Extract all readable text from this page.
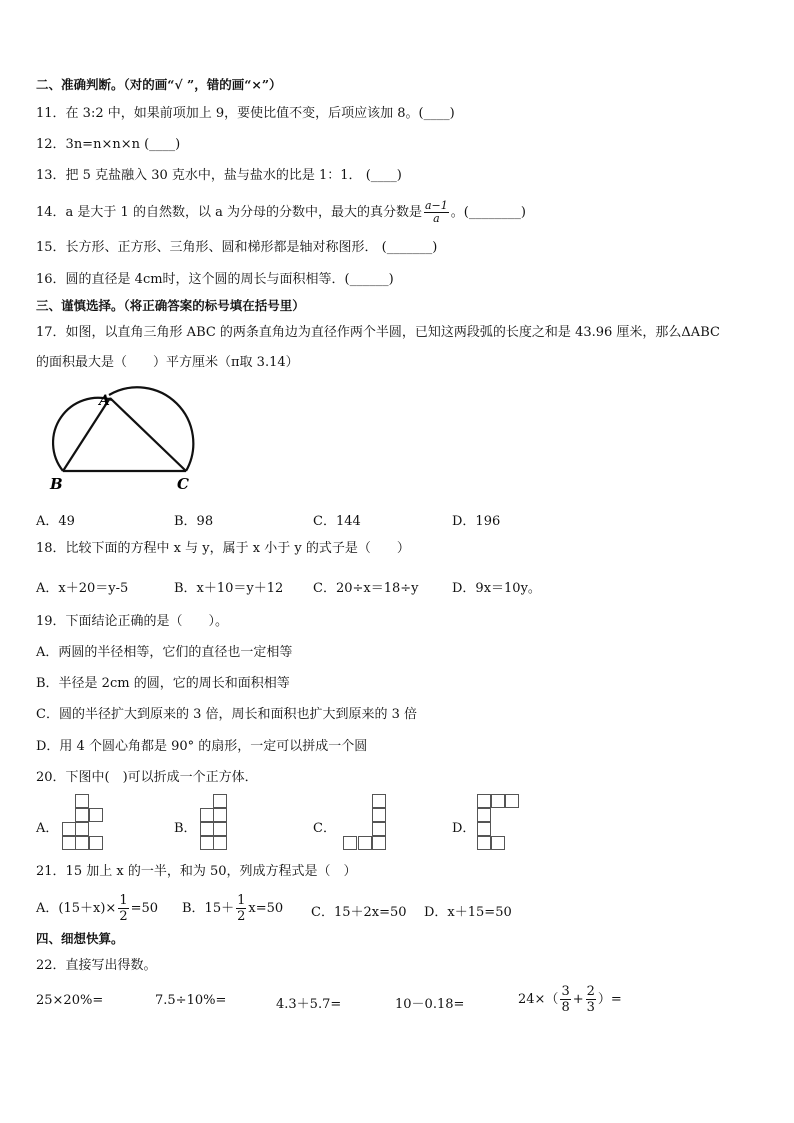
二、准确判断。（对的画“√ ”，错的画“×”）
11．在 3:2 中，如果前项加上 9，要使比值不变，后项应该加 8。(____)
12．3n=n×n×n (____)
13．把 5 克盐融入 30 克水中，盐与盐水的比是 1：1． (____)
14．a 是大于 1 的自然数，以 a 为分母的分数中，最大的真分数是 $\frac{a-1}{a}$ 。(________)
15．长方形、正方形、三角形、圆和梯形都是轴对称图形． (_______)
16．圆的直径是 4cm时，这个圆的周长与面积相等．(______)
三、谨慎选择。（将正确答案的标号填在括号里）
17．如图，以直角三角形 ABC 的两条直角边为直径作两个半圆，已知这两段弧的长度之和是 43.96 厘米，那么ΔABC
的面积最大是（　　）平方厘米（π取 3.14）
A
B	C
A．49	B．98	C．144	D．196
18．比较下面的方程中 x 与 y，属于 x 小于 y 的式子是（　　）
A．x＋20＝y-5	B．x＋10＝y＋12 C．20÷x＝18÷y	D．9x＝10y。
19．下面结论正确的是（　　）。
A．两圆的半径相等，它们的直径也一定相等
B．半径是 2cm 的圆，它的周长和面积相等
C．圆的半径扩大到原来的 3 倍，周长和面积也扩大到原来的 3 倍
D．用 4 个圆心角都是 90° 的扇形，一定可以拼成一个圆
20．下图中(　)可以折成一个正方体．
A．	B．	C．	D．
21．15 加上 x 的一半，和为 50，列成方程式是（　）
A．$(15+x)\times \frac{1}{2} =50$ B．$15+ \frac{1}{2} x=50$ C．15＋2x=50 D．x＋15=50
四、细想快算。
22．直接写出得数。
25×20%=	7.5÷10%=	4.3＋5.7=	10－0.18=	$24\times( \frac{3}{8} + \frac{2}{3}$ ）=
